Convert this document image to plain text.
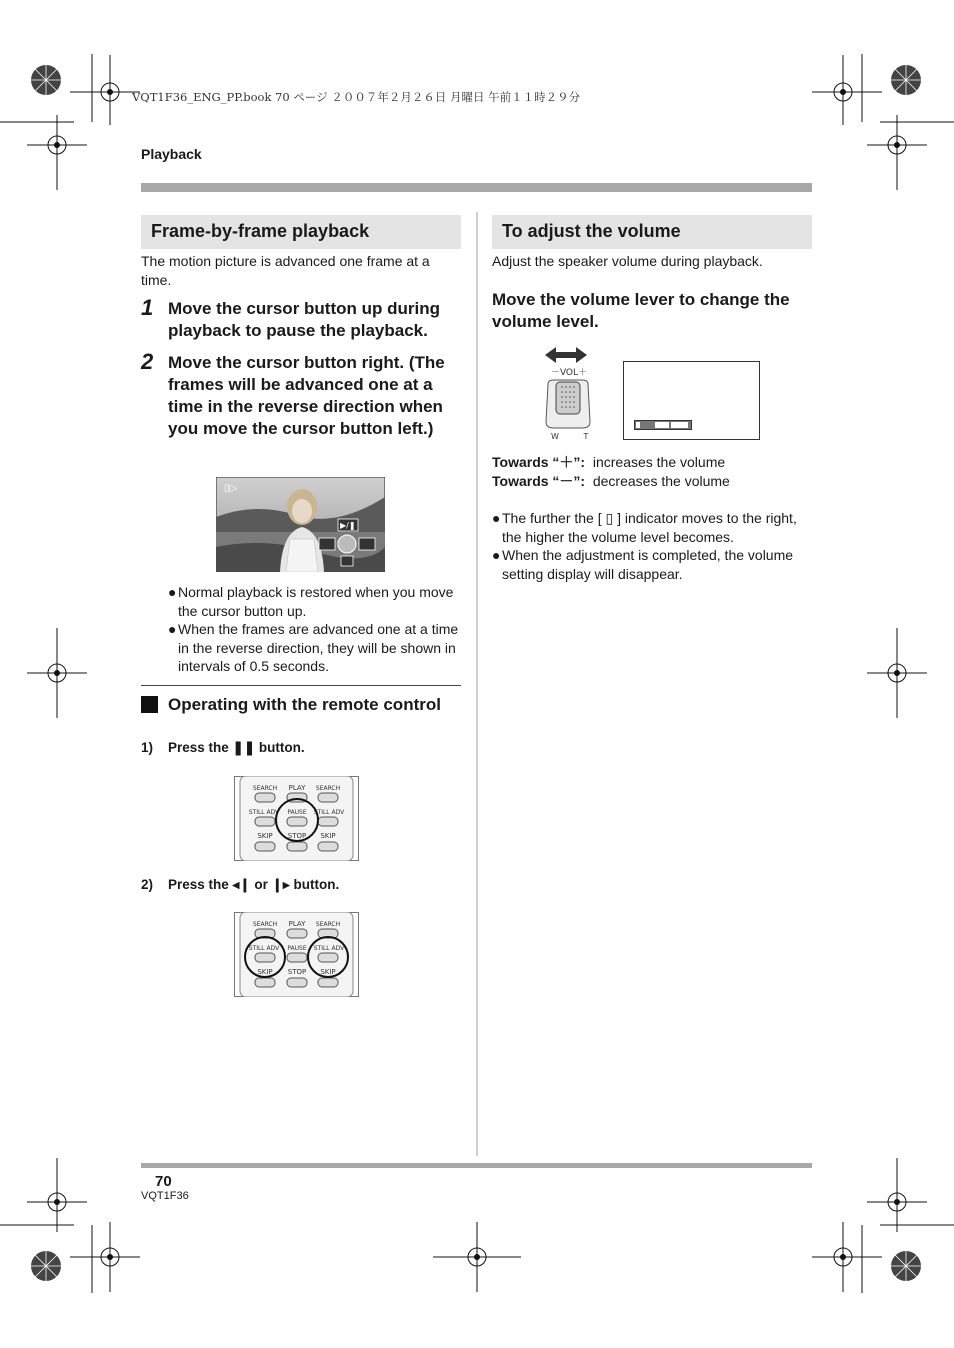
VQT1F36_ENG_PP.book 70 ページ ２００７年２月２６日 月曜日 午前１１時２９分
Playback
Frame-by-frame playback
The motion picture is advanced one frame at a time.
1 Move the cursor button up during playback to pause the playback.
2 Move the cursor button right. (The frames will be advanced one at a time in the reverse direction when you move the cursor button left.)
▯▷
▶/❚
● Normal playback is restored when you move the cursor button up.
● When the frames are advanced one at a time in the reverse direction, they will be shown in intervals of 0.5 seconds.
Operating with the remote control
1) Press the ❚❚ button.
SEARCH PLAY SEARCH
STILL ADV PAUSE STILL ADV
SKIP STOP SKIP
2) Press the ◂❙ or ❙▸ button.
SEARCH PLAY SEARCH
STILL ADV PAUSE STILL ADV
SKIP STOP SKIP
To adjust the volume
Adjust the speaker volume during playback.
Move the volume lever to change the volume level.
－VOL＋
W	T
Towards “＋”: increases the volume
Towards “－”: decreases the volume
● The further the [ ▯ ] indicator moves to the right, the higher the volume level becomes.
● When the adjustment is completed, the volume setting display will disappear.
70
VQT1F36
